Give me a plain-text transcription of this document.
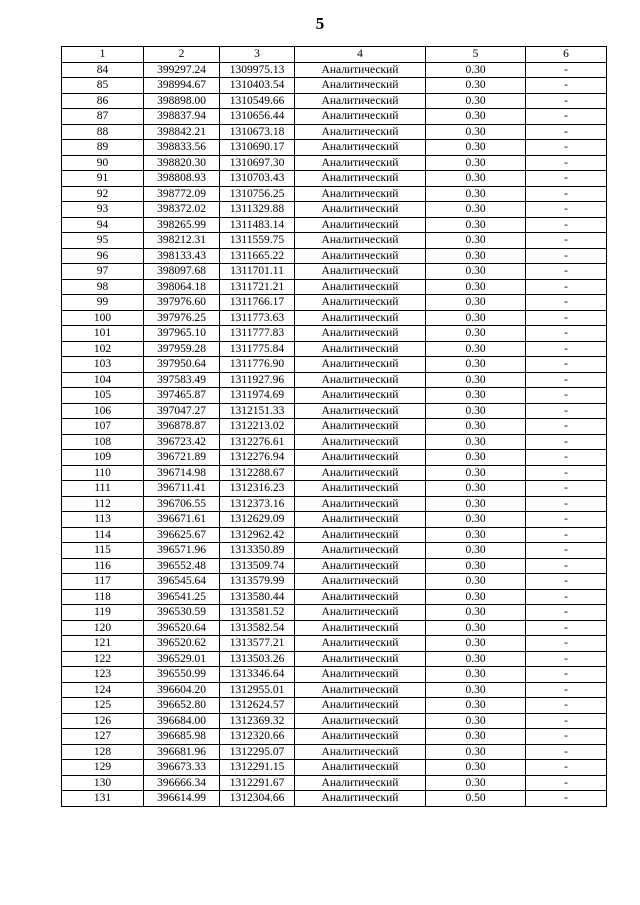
5
1	2	3	4	5	6
84	399297.24	1309975.13	Аналитический	0.30	-
85	398994.67	1310403.54	Аналитический	0.30	-
86	398898.00	1310549.66	Аналитический	0.30	-
87	398837.94	1310656.44	Аналитический	0.30	-
88	398842.21	1310673.18	Аналитический	0.30	-
89	398833.56	1310690.17	Аналитический	0.30	-
90	398820.30	1310697.30	Аналитический	0.30	-
91	398808.93	1310703.43	Аналитический	0.30	-
92	398772.09	1310756.25	Аналитический	0.30	-
93	398372.02	1311329.88	Аналитический	0.30	-
94	398265.99	1311483.14	Аналитический	0.30	-
95	398212.31	1311559.75	Аналитический	0.30	-
96	398133.43	1311665.22	Аналитический	0.30	-
97	398097.68	1311701.11	Аналитический	0.30	-
98	398064.18	1311721.21	Аналитический	0.30	-
99	397976.60	1311766.17	Аналитический	0.30	-
100	397976.25	1311773.63	Аналитический	0.30	-
101	397965.10	1311777.83	Аналитический	0.30	-
102	397959.28	1311775.84	Аналитический	0.30	-
103	397950.64	1311776.90	Аналитический	0.30	-
104	397583.49	1311927.96	Аналитический	0.30	-
105	397465.87	1311974.69	Аналитический	0.30	-
106	397047.27	1312151.33	Аналитический	0.30	-
107	396878.87	1312213.02	Аналитический	0.30	-
108	396723.42	1312276.61	Аналитический	0.30	-
109	396721.89	1312276.94	Аналитический	0.30	-
110	396714.98	1312288.67	Аналитический	0.30	-
111	396711.41	1312316.23	Аналитический	0.30	-
112	396706.55	1312373.16	Аналитический	0.30	-
113	396671.61	1312629.09	Аналитический	0.30	-
114	396625.67	1312962.42	Аналитический	0.30	-
115	396571.96	1313350.89	Аналитический	0.30	-
116	396552.48	1313509.74	Аналитический	0.30	-
117	396545.64	1313579.99	Аналитический	0.30	-
118	396541.25	1313580.44	Аналитический	0.30	-
119	396530.59	1313581.52	Аналитический	0.30	-
120	396520.64	1313582.54	Аналитический	0.30	-
121	396520.62	1313577.21	Аналитический	0.30	-
122	396529.01	1313503.26	Аналитический	0.30	-
123	396550.99	1313346.64	Аналитический	0.30	-
124	396604.20	1312955.01	Аналитический	0.30	-
125	396652.80	1312624.57	Аналитический	0.30	-
126	396684.00	1312369.32	Аналитический	0.30	-
127	396685.98	1312320.66	Аналитический	0.30	-
128	396681.96	1312295.07	Аналитический	0.30	-
129	396673.33	1312291.15	Аналитический	0.30	-
130	396666.34	1312291.67	Аналитический	0.30	-
131	396614.99	1312304.66	Аналитический	0.50	-
